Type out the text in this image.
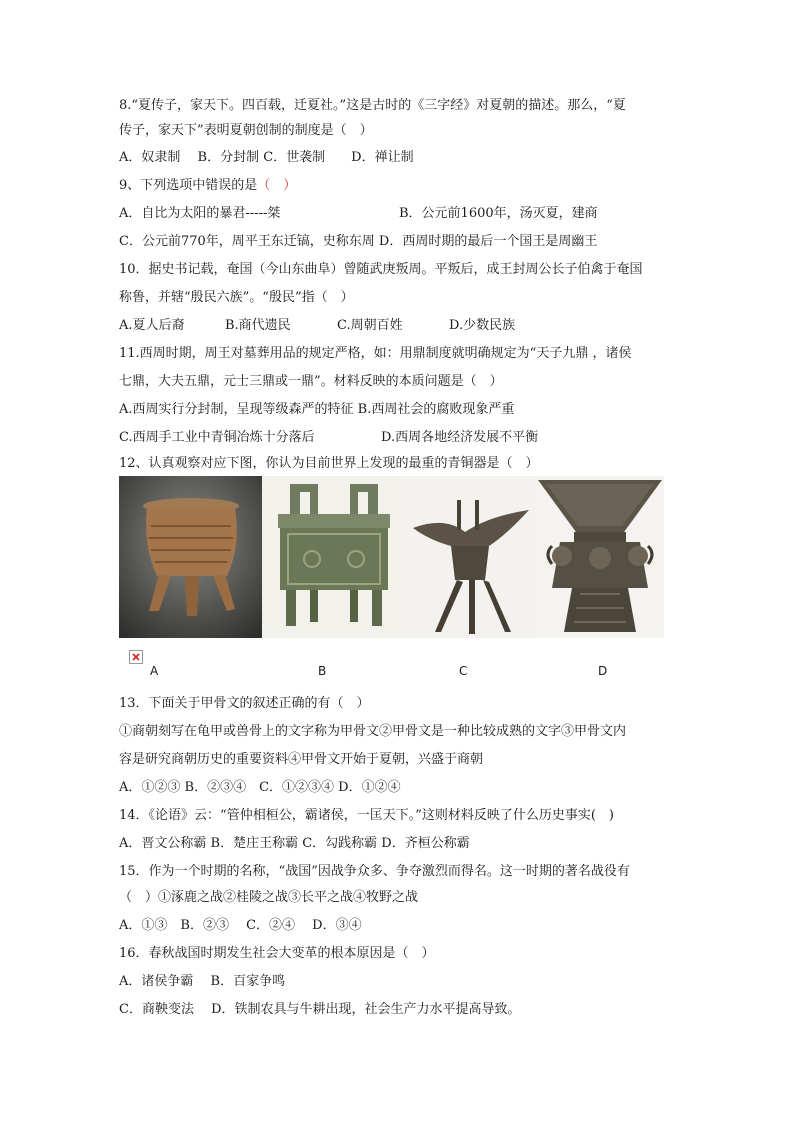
8.“夏传子，家天下。四百载，迁夏社。”这是古时的《三字经》对夏朝的描述。那么，“夏
传子，家天下”表明夏朝创制的制度是（　）
A．奴隶制　 B．分封制 C．世袭制　　D．禅让制
9、下列选项中错误的是（　）
A．自比为太阳的暴君-----桀	B．公元前1600年，汤灭夏，建商
C．公元前770年，周平王东迁镐，史称东周 D．西周时期的最后一个国王是周幽王
10．据史书记载，奄国（今山东曲阜）曾随武庚叛周。平叛后，成王封周公长子伯禽于奄国
称鲁，并辖“殷民六族”。“殷民”指（　）
A.夏人后裔	B.商代遗民	C.周朝百姓	D.少数民族
11.西周时期，周王对墓葬用品的规定严格，如：用鼎制度就明确规定为“天子九鼎 ，诸侯
七鼎，大夫五鼎，元士三鼎或一鼎”。材料反映的本质问题是（　）
A.西周实行分封制，呈现等级森严的特征 B.西周社会的腐败现象严重
C.西周手工业中青铜冶炼十分落后	D.西周各地经济发展不平衡
12、认真观察对应下图，你认为目前世界上发现的最重的青铜器是（　）
A	B	C	D
13．下面关于甲骨文的叙述正确的有（　）
①商朝刻写在龟甲或兽骨上的文字称为甲骨文②甲骨文是一种比较成熟的文字③甲骨文内
容是研究商朝历史的重要资料④甲骨文开始于夏朝，兴盛于商朝
A．①②③ B．②③④　C．①②③④ D．①②④
14．《论语》云：“管仲相桓公，霸诸侯，一匡天下。”这则材料反映了什么历史事实(　)
A．晋文公称霸 B．楚庄王称霸 C．勾践称霸 D．齐桓公称霸
15．作为一个时期的名称，“战国”因战争众多、争夺激烈而得名。这一时期的著名战役有
（　）①涿鹿之战②桂陵之战③长平之战④牧野之战
A．①③　B．②③　 C．②④　 D．③④
16．春秋战国时期发生社会大变革的根本原因是（　）
A．诸侯争霸　 B．百家争鸣
C．商鞅变法　 D．铁制农具与牛耕出现，社会生产力水平提高导致。
